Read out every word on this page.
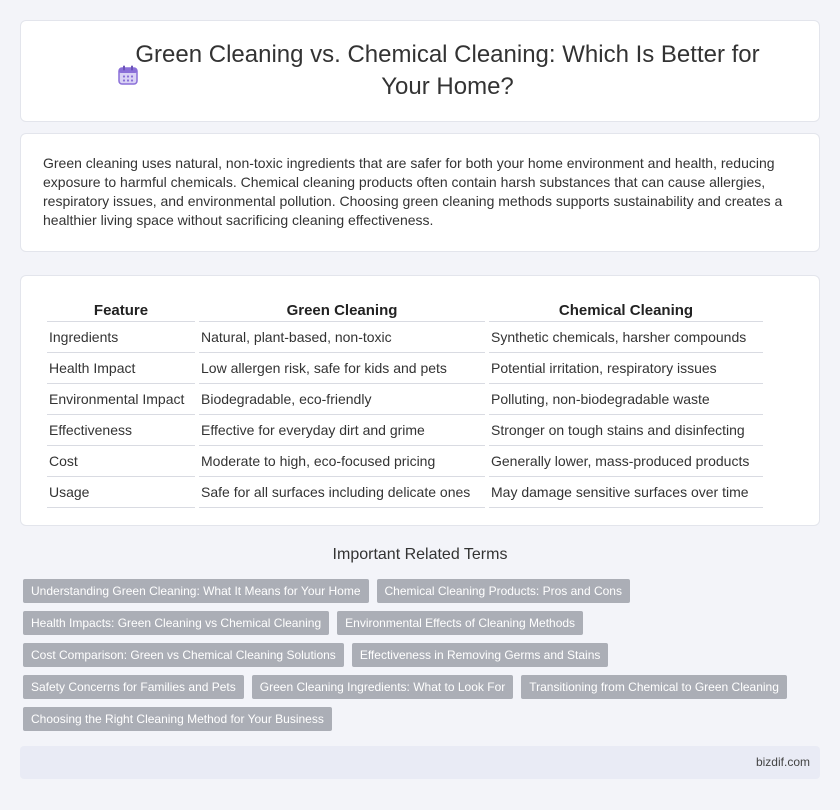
Green Cleaning vs. Chemical Cleaning: Which Is Better for Your Home?

Green cleaning uses natural, non-toxic ingredients that are safer for both your home environment and health, reducing exposure to harmful chemicals. Chemical cleaning products often contain harsh substances that can cause allergies, respiratory issues, and environmental pollution. Choosing green cleaning methods supports sustainability and creates a healthier living space without sacrificing cleaning effectiveness.

Feature	Green Cleaning	Chemical Cleaning
Ingredients	Natural, plant-based, non-toxic	Synthetic chemicals, harsher compounds
Health Impact	Low allergen risk, safe for kids and pets	Potential irritation, respiratory issues
Environmental Impact	Biodegradable, eco-friendly	Polluting, non-biodegradable waste
Effectiveness	Effective for everyday dirt and grime	Stronger on tough stains and disinfecting
Cost	Moderate to high, eco-focused pricing	Generally lower, mass-produced products
Usage	Safe for all surfaces including delicate ones	May damage sensitive surfaces over time
Important Related Terms
Understanding Green Cleaning: What It Means for Your Home	Chemical Cleaning Products: Pros and Cons
Health Impacts: Green Cleaning vs Chemical Cleaning	Environmental Effects of Cleaning Methods
Cost Comparison: Green vs Chemical Cleaning Solutions	Effectiveness in Removing Germs and Stains
Safety Concerns for Families and Pets	Green Cleaning Ingredients: What to Look For	Transitioning from Chemical to Green Cleaning
Choosing the Right Cleaning Method for Your Business
bizdif.com
